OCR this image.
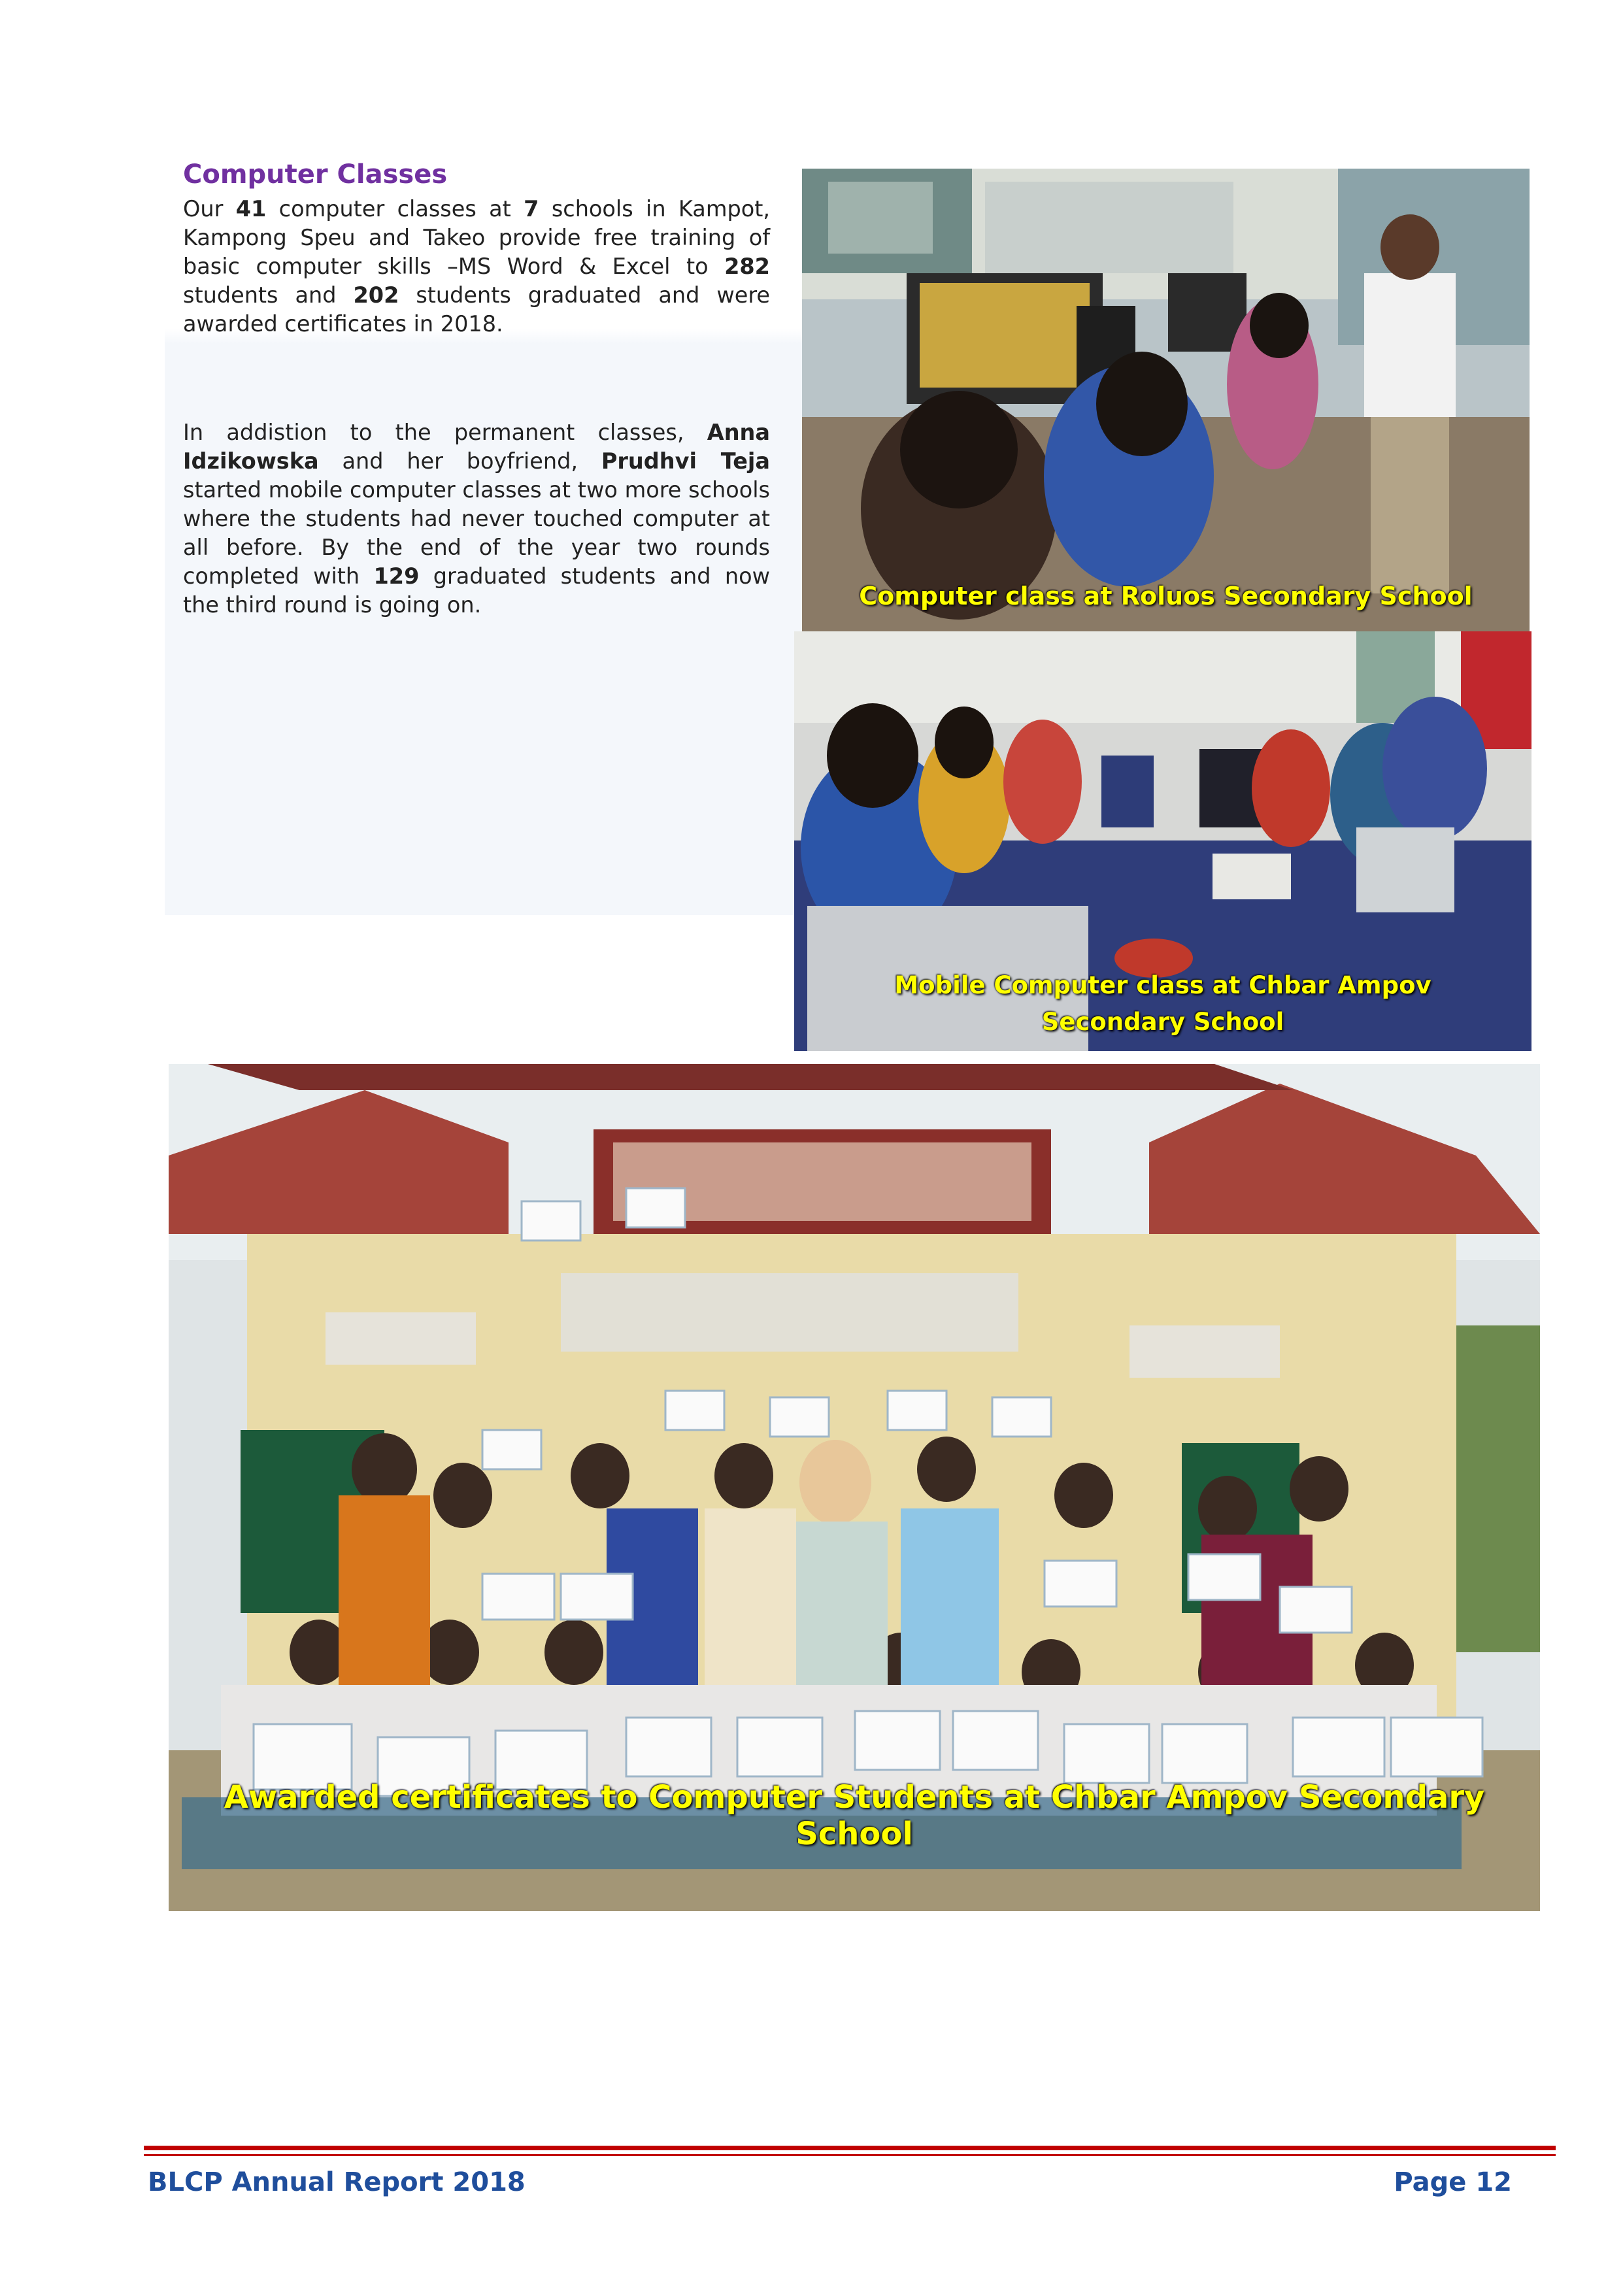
Computer Classes

Our 41 computer classes at 7 schools in Kampot, Kampong Speu and Takeo provide free training of basic computer skills –MS Word & Excel to 282 students and 202 students graduated and were awarded certificates in 2018.

In addistion to the permanent classes, Anna Idzikowska and her boyfriend, Prudhvi Teja started mobile computer classes at two more schools where the students had never touched computer at all before. By the end of the year two rounds completed with 129 graduated students and now the third round is going on.	Computer class at Roluos Secondary School
Mobile Computer class at Chbar Ampov Secondary School
Awarded certificates to Computer Students at Chbar Ampov Secondary School
BLCP Annual Report 2018	Page 12
